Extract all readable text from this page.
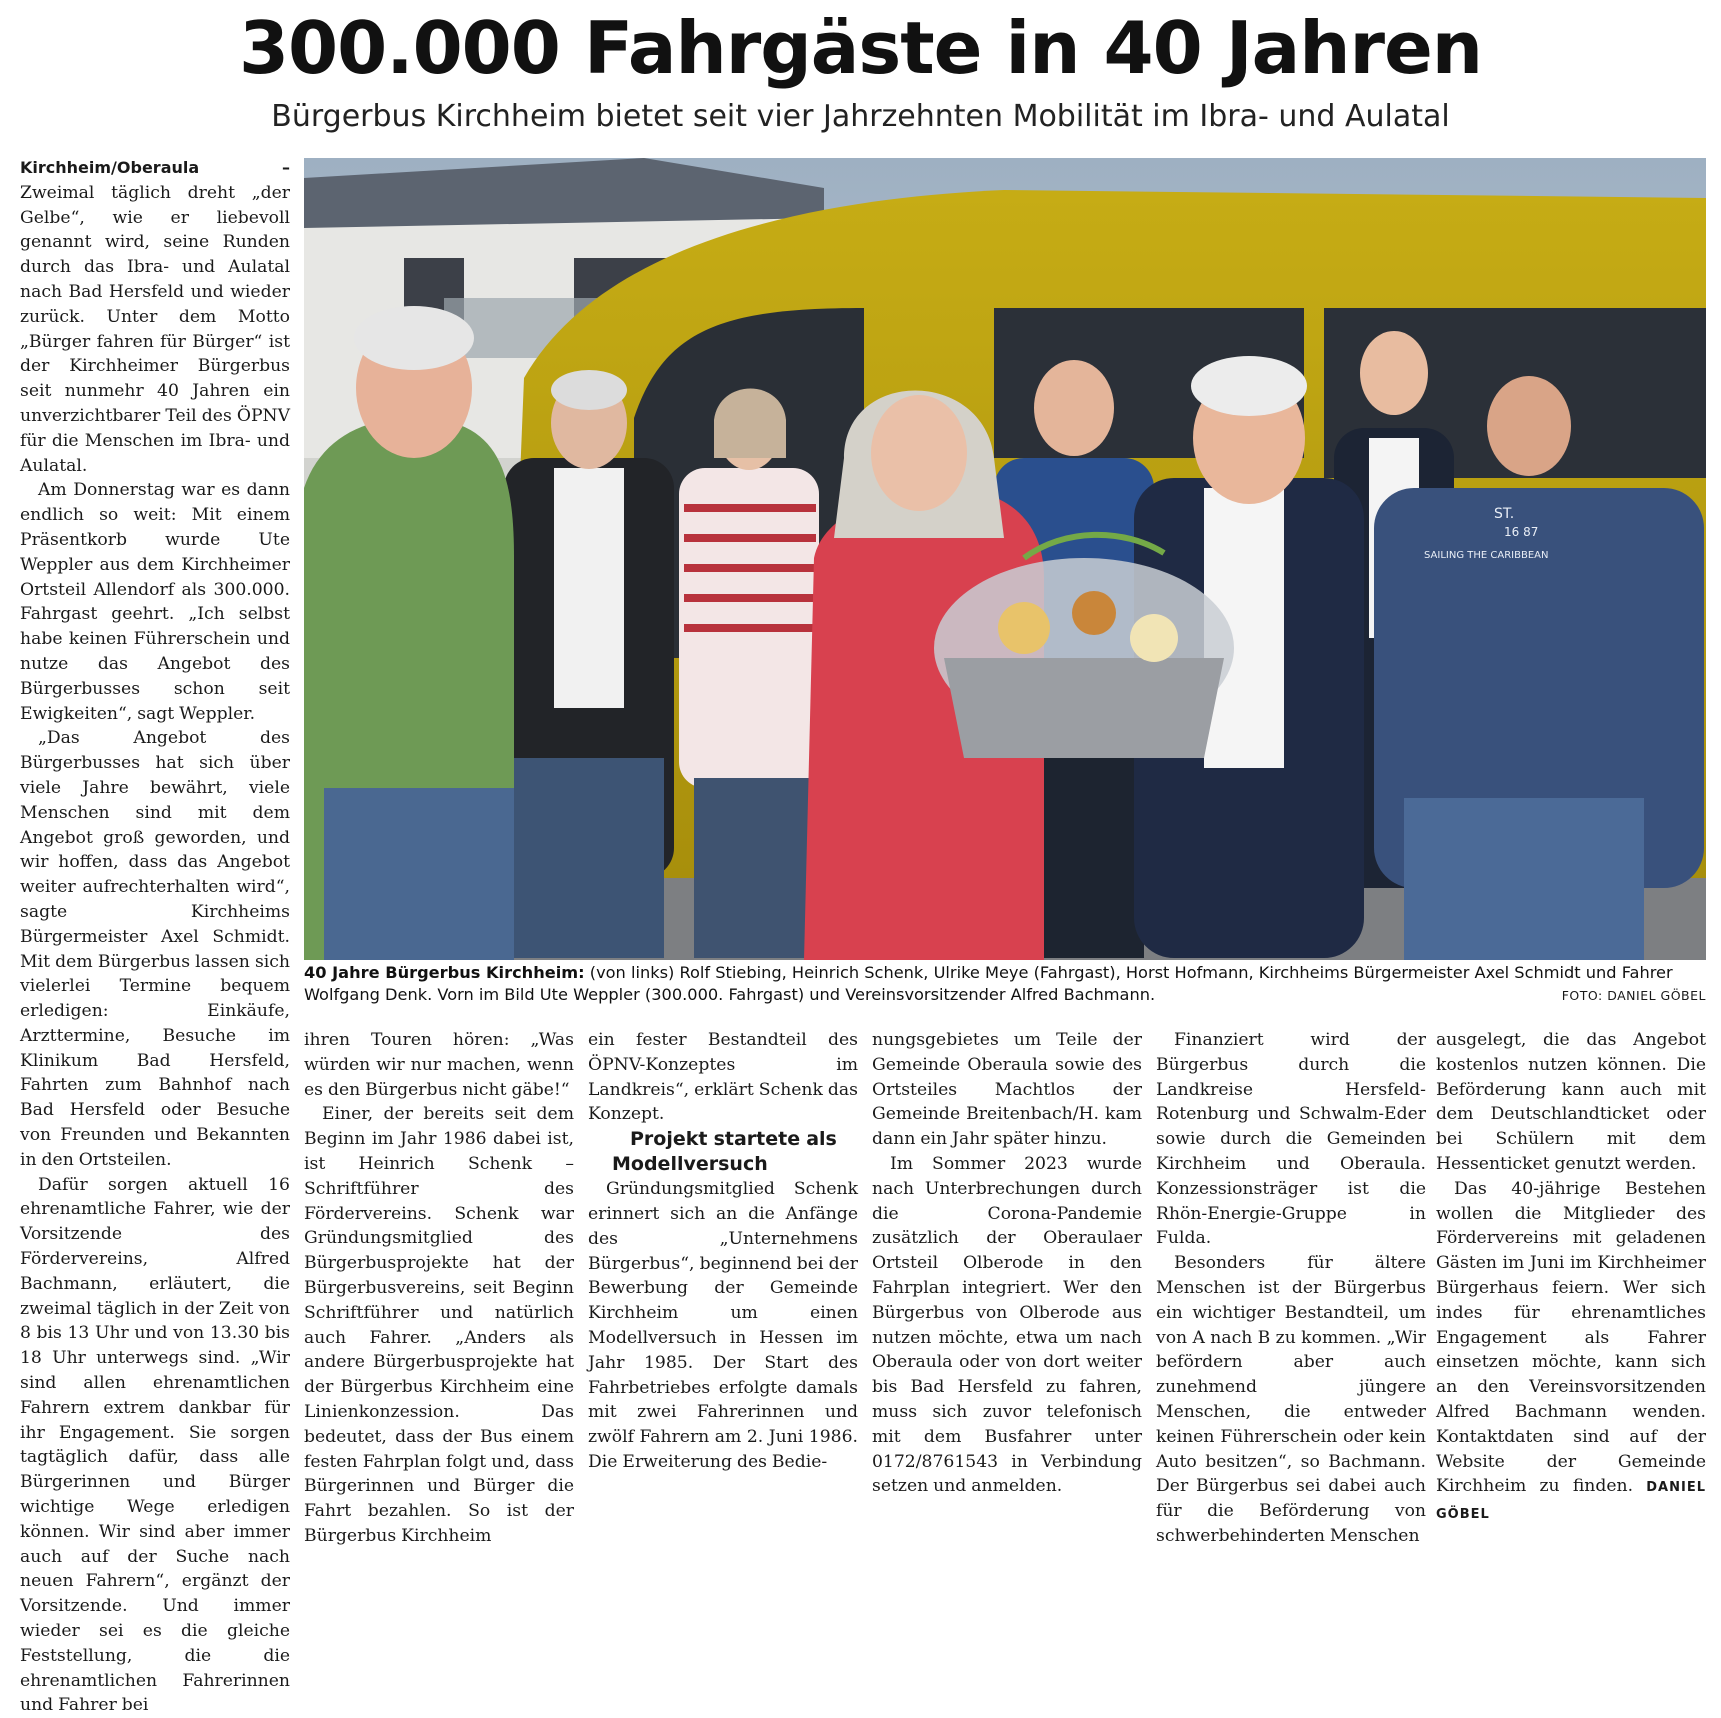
300.000 Fahrgäste in 40 Jahren
Bürgerbus Kirchheim bietet seit vier Jahrzehnten Mobilität im Ibra- und Aulatal

Kirchheim/Oberaula – Zweimal täglich dreht „der Gelbe“, wie er liebevoll genannt wird, seine Runden durch das Ibra- und Aulatal nach Bad Hersfeld und wieder zurück. Unter dem Motto „Bürger fahren für Bürger“ ist der Kirchheimer Bürgerbus seit nunmehr 40 Jahren ein unverzichtbarer Teil des ÖPNV für die Menschen im Ibra- und Aulatal.

Am Donnerstag war es dann endlich so weit: Mit einem Präsentkorb wurde Ute Weppler aus dem Kirchheimer Ortsteil Allendorf als 300.000. Fahrgast geehrt. „Ich selbst habe keinen Führerschein und nutze das Angebot des Bürgerbusses schon seit Ewigkeiten“, sagt Weppler.

„Das Angebot des Bürgerbusses hat sich über viele Jahre bewährt, viele Menschen sind mit dem Angebot groß geworden, und wir hoffen, dass das Angebot weiter aufrechterhalten wird“, sagte Kirchheims Bürgermeister Axel Schmidt. Mit dem Bürgerbus lassen sich vielerlei Termine bequem erledigen: Einkäufe, Arzttermine, Besuche im Klinikum Bad Hersfeld, Fahrten zum Bahnhof nach Bad Hersfeld oder Besuche von Freunden und Bekannten in den Ortsteilen.

Dafür sorgen aktuell 16 ehrenamtliche Fahrer, wie der Vorsitzende des Fördervereins, Alfred Bachmann, erläutert, die zweimal täglich in der Zeit von 8 bis 13 Uhr und von 13.30 bis 18 Uhr unterwegs sind. „Wir sind allen ehrenamtlichen Fahrern extrem dankbar für ihr Engagement. Sie sorgen tagtäglich dafür, dass alle Bürgerinnen und Bürger wichtige Wege erledigen können. Wir sind aber immer auch auf der Suche nach neuen Fahrern“, ergänzt der Vorsitzende. Und immer wieder sei es die gleiche Feststellung, die die ehrenamtlichen Fahrerinnen und Fahrer bei

ST.
16 87
SAILING THE CARIBBEAN
40 Jahre Bürgerbus Kirchheim: (von links) Rolf Stiebing, Heinrich Schenk, Ulrike Meye (Fahrgast), Horst Hofmann, Kirchheims Bürgermeister Axel Schmidt und Fahrer Wolfgang Denk. Vorn im Bild Ute Weppler (300.000. Fahrgast) und Vereinsvorsitzender Alfred Bachmann.	FOTO: DANIEL GÖBEL

ihren Touren hören: „Was würden wir nur machen, wenn es den Bürgerbus nicht gäbe!“

Einer, der bereits seit dem Beginn im Jahr 1986 dabei ist, ist Heinrich Schenk – Schriftführer des Fördervereins. Schenk war Gründungsmitglied des Bürgerbusprojekte hat der Bürgerbusvereins, seit Beginn Schriftführer und natürlich auch Fahrer. „Anders als andere Bürgerbusprojekte hat der Bürgerbus Kirchheim eine Linienkonzession. Das bedeutet, dass der Bus einem festen Fahrplan folgt und, dass Bürgerinnen und Bürger die Fahrt bezahlen. So ist der Bürgerbus Kirchheim

ein fester Bestandteil des ÖPNV-Konzeptes im Landkreis“, erklärt Schenk das Konzept.

Projekt startete als Modellversuch

Gründungsmitglied Schenk erinnert sich an die Anfänge des „Unternehmens Bürgerbus“, beginnend bei der Bewerbung der Gemeinde Kirchheim um einen Modellversuch in Hessen im Jahr 1985. Der Start des Fahrbetriebes erfolgte damals mit zwei Fahrerinnen und zwölf Fahrern am 2. Juni 1986. Die Erweiterung des Bedie-

nungsgebietes um Teile der Gemeinde Oberaula sowie des Ortsteiles Machtlos der Gemeinde Breitenbach/H. kam dann ein Jahr später hinzu.

Im Sommer 2023 wurde nach Unterbrechungen durch die Corona-Pandemie zusätzlich der Oberaulaer Ortsteil Olberode in den Fahrplan integriert. Wer den Bürgerbus von Olberode aus nutzen möchte, etwa um nach Oberaula oder von dort weiter bis Bad Hersfeld zu fahren, muss sich zuvor telefonisch mit dem Busfahrer unter 0172/8761543 in Verbindung setzen und anmelden.

Finanziert wird der Bürgerbus durch die Landkreise Hersfeld-Rotenburg und Schwalm-Eder sowie durch die Gemeinden Kirchheim und Oberaula. Konzessionsträger ist die Rhön-Energie-Gruppe in Fulda.

Besonders für ältere Menschen ist der Bürgerbus ein wichtiger Bestandteil, um von A nach B zu kommen. „Wir befördern aber auch zunehmend jüngere Menschen, die entweder keinen Führerschein oder kein Auto besitzen“, so Bachmann. Der Bürgerbus sei dabei auch für die Beförderung von schwerbehinderten Menschen

ausgelegt, die das Angebot kostenlos nutzen können. Die Beförderung kann auch mit dem Deutschlandticket oder bei Schülern mit dem Hessenticket genutzt werden.

Das 40-jährige Bestehen wollen die Mitglieder des Fördervereins mit geladenen Gästen im Juni im Kirchheimer Bürgerhaus feiern. Wer sich indes für ehrenamtliches Engagement als Fahrer einsetzen möchte, kann sich an den Vereinsvorsitzenden Alfred Bachmann wenden. Kontaktdaten sind auf der Website der Gemeinde Kirchheim zu finden. DANIEL GÖBEL
